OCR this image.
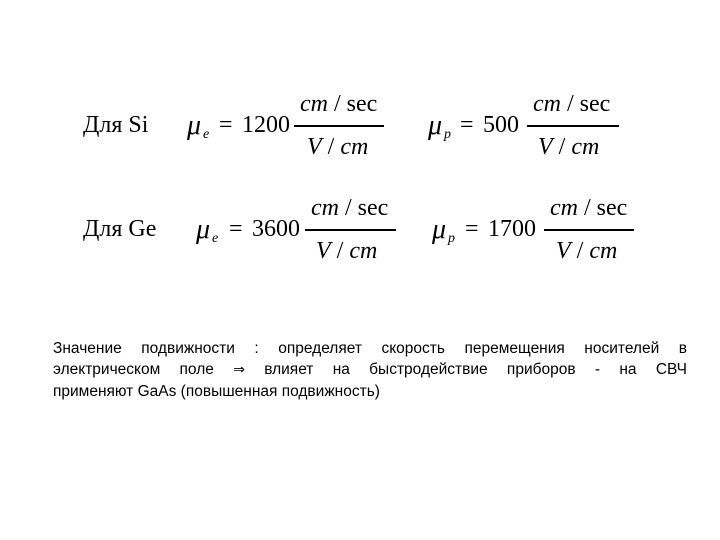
Для Si μ e = 1200
cm / sec
V / cm
μ p = 500
cm / sec
V / cm
Для Ge μ e = 3600
cm / sec
V / cm
μ p = 1700
cm / sec
V / cm
Значение подвижности : определяет скорость перемещения носителей в
электрическом поле ⇒ влияет на быстродействие приборов - на СВЧ
применяют GaAs (повышенная подвижность)
